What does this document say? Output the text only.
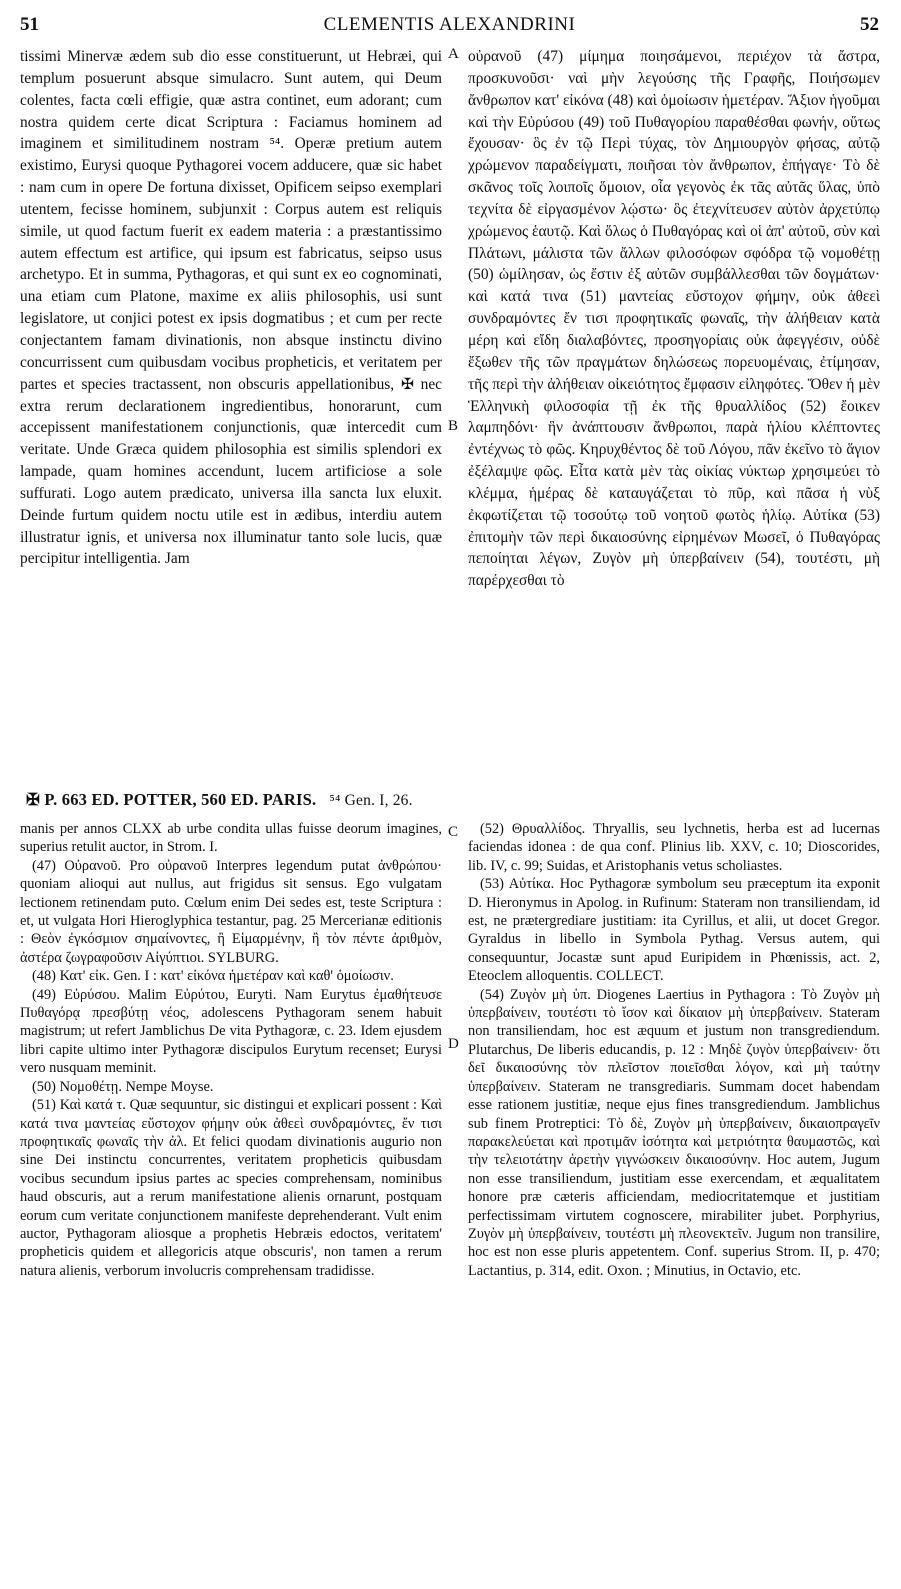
51	CLEMENTIS ALEXANDRINI	52

tissimi Minervæ ædem sub dio esse constituerunt, ut Hebræi, qui templum posuerunt absque simulacro. Sunt autem, qui Deum colentes, facta cœli effigie, quæ astra continet, eum adorant; cum nostra quidem certe dicat Scriptura : Faciamus hominem ad imaginem et similitudinem nostram ⁵⁴. Operæ pretium autem existimo, Eurysi quoque Pythagorei vocem adducere, quæ sic habet : nam cum in opere De fortuna dixisset, Opificem seipso exemplari utentem, fecisse hominem, subjunxit : Corpus autem est reliquis simile, ut quod factum fuerit ex eadem materia : a præstantissimo autem effectum est artifice, qui ipsum est fabricatus, seipso usus archetypo. Et in summa, Pythagoras, et qui sunt ex eo cognominati, una etiam cum Platone, maxime ex aliis philosophis, usi sunt legislatore, ut conjici potest ex ipsis dogmatibus ; et cum per recte conjectantem famam divinationis, non absque instinctu divino concurrissent cum quibusdam vocibus propheticis, et veritatem per partes et species tractassent, non obscuris appellationibus, ✠ nec extra rerum declarationem ingredientibus, honorarunt, cum accepissent manifestationem conjunctionis, quæ intercedit cum veritate. Unde Græca quidem philosophia est similis splendori ex lampade, quam homines accendunt, lucem artificiose a sole suffurati. Logo autem prædicato, universa illa sancta lux eluxit. Deinde furtum quidem noctu utile est in ædibus, interdiu autem illustratur ignis, et universa nox illuminatur tanto sole lucis, quæ percipitur intelligentia. Jam

A
B

οὐρανοῦ (47) μίμημα ποιησάμενοι, περιέχον τὰ ἄστρα, προσκυνοῦσι· ναὶ μὴν λεγούσης τῆς Γραφῆς, Ποιήσωμεν ἄνθρωπον κατ' εἰκόνα (48) καὶ ὁμοίωσιν ἡμετέραν. Ἄξιον ἡγοῦμαι καὶ τὴν Εὐρύσου (49) τοῦ Πυθαγορίου παραθέσθαι φωνήν, οὕτως ἔχουσαν· ὃς ἐν τῷ Περὶ τύχας, τὸν Δημιουργὸν φήσας, αὐτῷ χρώμενον παραδείγματι, ποιῆσαι τὸν ἄνθρωπον, ἐπήγαγε· Τὸ δὲ σκᾶνος τοῖς λοιποῖς ὅμοιον, οἷα γεγονὸς ἐκ τᾶς αὐτᾶς ὕλας, ὑπὸ τεχνίτα δὲ εἰργασμένον λῴστω· ὃς ἐτεχνίτευσεν αὐτὸν ἀρχετύπῳ χρώμενος ἑαυτῷ. Καὶ ὅλως ὁ Πυθαγόρας καὶ οἱ ἀπ' αὐτοῦ, σὺν καὶ Πλάτωνι, μάλιστα τῶν ἄλλων φιλοσόφων σφόδρα τῷ νομοθέτῃ (50) ὡμίλησαν, ὡς ἔστιν ἐξ αὐτῶν συμβάλλεσθαι τῶν δογμάτων· καὶ κατά τινα (51) μαντείας εὔστοχον φήμην, οὐκ ἀθεεὶ συνδραμόντες ἔν τισι προφητικαῖς φωναῖς, τὴν ἀλήθειαν κατὰ μέρη καὶ εἴδη διαλαβόντες, προσηγορίαις οὐκ ἀφεγγέσιν, οὐδὲ ἔξωθεν τῆς τῶν πραγμάτων δηλώσεως πορευομέναις, ἐτίμησαν, τῆς περὶ τὴν ἀλήθειαν οἰκειότητος ἔμφασιν εἰληφότες. Ὅθεν ἡ μὲν Ἑλληνικὴ φιλοσοφία τῇ ἐκ τῆς θρυαλλίδος (52) ἔοικεν λαμπηδόνι· ἣν ἀνάπτουσιν ἄνθρωποι, παρὰ ἡλίου κλέπτοντες ἐντέχνως τὸ φῶς. Κηρυχθέντος δὲ τοῦ Λόγου, πᾶν ἐκεῖνο τὸ ἅγιον ἐξέλαμψε φῶς. Εἶτα κατὰ μὲν τὰς οἰκίας νύκτωρ χρησιμεύει τὸ κλέμμα, ἡμέρας δὲ καταυγάζεται τὸ πῦρ, καὶ πᾶσα ἡ νὺξ ἐκφωτίζεται τῷ τοσούτῳ τοῦ νοητοῦ φωτὸς ἡλίῳ. Αὐτίκα (53) ἐπιτομὴν τῶν περὶ δικαιοσύνης εἰρημένων Μωσεῖ, ὁ Πυθαγόρας πεποίηται λέγων, Ζυγὸν μὴ ὑπερβαίνειν (54), τουτέστι, μὴ παρέρχεσθαι τὸ

✠ P. 663 ED. POTTER, 560 ED. PARIS. ⁵⁴ Gen. I, 26.
C
D

manis per annos CLXX ab urbe condita ullas fuisse deorum imagines, superius retulit auctor, in Strom. I.

(47) Οὐρανοῦ. Pro οὐρανοῦ Interpres legendum putat ἀνθρώπου· quoniam alioqui aut nullus, aut frigidus sit sensus. Ego vulgatam lectionem retinendam puto. Cœlum enim Dei sedes est, teste Scriptura : et, ut vulgata Hori Hieroglyphica testantur, pag. 25 Mercerianæ editionis : Θεὸν ἐγκόσμιον σημαίνοντες, ἢ Εἱμαρμένην, ἢ τὸν πέντε ἀριθμὸν, ἀστέρα ζωγραφοῦσιν Αἰγύπτιοι. SYLBURG.

(48) Κατ' εἰκ. Gen. I : κατ' εἰκόνα ἡμετέραν καὶ καθ' ὁμοίωσιν.

(49) Εὐρύσου. Malim Εὐρύτου, Euryti. Nam Eurytus ἐμαθήτευσε Πυθαγόρᾳ πρεσβύτῃ νέος, adolescens Pythagoram senem habuit magistrum; ut refert Jamblichus De vita Pythagoræ, c. 23. Idem ejusdem libri capite ultimo inter Pythagoræ discipulos Eurytum recenset; Eurysi vero nusquam meminit.

(50) Νομοθέτῃ. Nempe Moyse.

(51) Καὶ κατά τ. Quæ sequuntur, sic distingui et explicari possent : Καὶ κατά τινα μαντείας εὔστοχον φήμην οὐκ ἀθεεὶ συνδραμόντες, ἔν τισι προφητικαῖς φωναῖς τὴν ἀλ. Et felici quodam divinationis augurio non sine Dei instinctu concurrentes, veritatem propheticis quibusdam vocibus secundum ipsius partes ac species comprehensam, nominibus haud obscuris, aut a rerum manifestatione alienis ornarunt, postquam eorum cum veritate conjunctionem manifeste deprehenderant. Vult enim auctor, Pythagoram aliosque a prophetis Hebræis edoctos, veritatem' propheticis quidem et allegoricis atque obscuris', non tamen a rerum natura alienis, verborum involucris comprehensam tradidisse.

(52) Θρυαλλίδος. Thryallis, seu lychnetis, herba est ad lucernas faciendas idonea : de qua conf. Plinius lib. XXV, c. 10; Dioscorides, lib. IV, c. 99; Suidas, et Aristophanis vetus scholiastes.

(53) Αὐτίκα. Hoc Pythagoræ symbolum seu præceptum ita exponit D. Hieronymus in Apolog. in Rufinum: Stateram non transiliendam, id est, ne prætergrediare justitiam: ita Cyrillus, et alii, ut docet Gregor. Gyraldus in libello in Symbola Pythag. Versus autem, qui consequuntur, Jocastæ sunt apud Euripidem in Phœnissis, act. 2, Eteoclem alloquentis. COLLECT.

(54) Ζυγὸν μὴ ὑπ. Diogenes Laertius in Pythagora : Τὸ Ζυγὸν μὴ ὑπερβαίνειν, τουτέστι τὸ ἴσον καὶ δίκαιον μὴ ὑπερβαίνειν. Stateram non transiliendam, hoc est æquum et justum non transgrediendum. Plutarchus, De liberis educandis, p. 12 : Μηδὲ ζυγὸν ὑπερβαίνειν· ὅτι δεῖ δικαιοσύνης τὸν πλεῖστον ποιεῖσθαι λόγον, καὶ μὴ ταύτην ὑπερβαίνειν. Stateram ne transgrediaris. Summam docet habendam esse rationem justitiæ, neque ejus fines transgrediendum. Jamblichus sub finem Protreptici: Τὸ δὲ, Ζυγὸν μὴ ὑπερβαίνειν, δικαιοπραγεῖν παρακελεύεται καὶ προτιμᾶν ἰσότητα καὶ μετριότητα θαυμαστῶς, καὶ τὴν τελειοτάτην ἀρετὴν γιγνώσκειν δικαιοσύνην. Hoc autem, Jugum non esse transiliendum, justitiam esse exercendam, et æqualitatem honore præ cæteris afficiendam, mediocritatemque et justitiam perfectissimam virtutem cognoscere, mirabiliter jubet. Porphyrius, Ζυγὸν μὴ ὑπερβαίνειν, τουτέστι μὴ πλεονεκτεῖν. Jugum non transilire, hoc est non esse pluris appetentem. Conf. superius Strom. II, p. 470; Lactantius, p. 314, edit. Oxon. ; Minutius, in Octavio, etc.
